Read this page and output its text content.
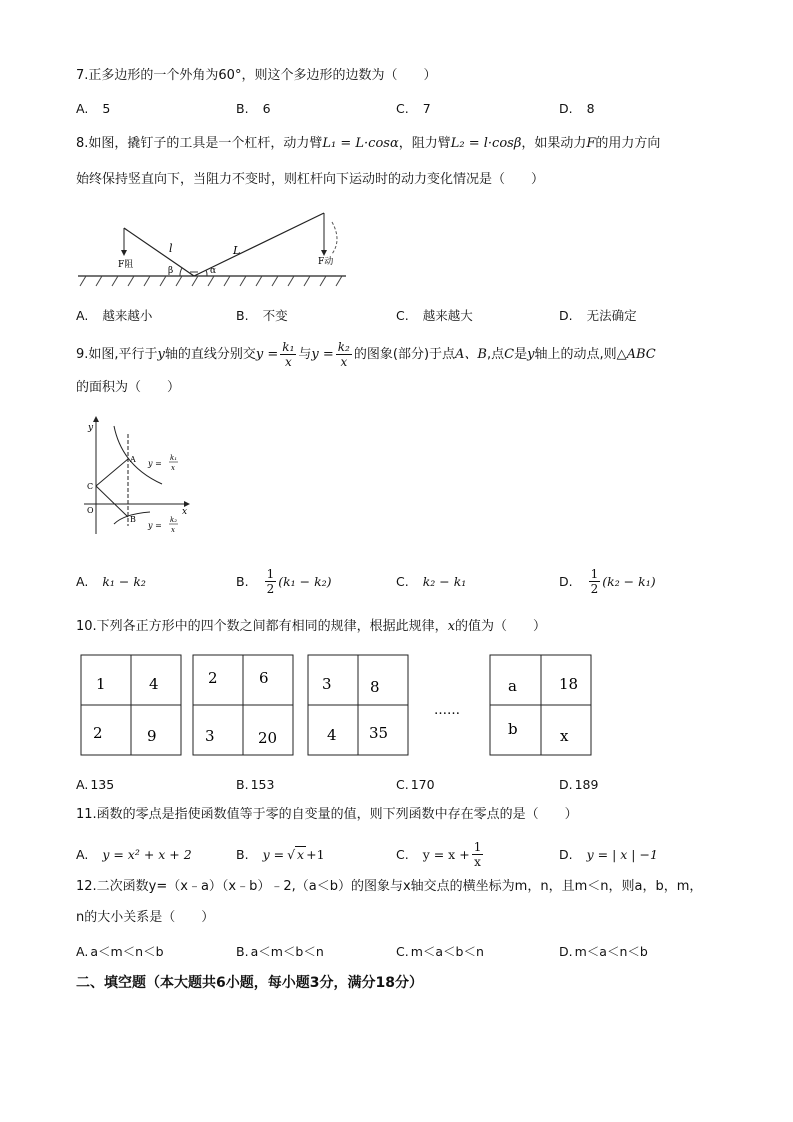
7.正多边形的一个外角为60°，则这个多边形的边数为（　　）
A. 5	B. 6	C. 7	D. 8
8.如图，撬钉子的工具是一个杠杆，动力臂L₁ = L·cosα，阻力臂L₂ = l·cosβ，如果动力F的用力方向
始终保持竖直向下，当阻力不变时，则杠杆向下运动时的动力变化情况是（　　）
l	L
β	α
F阻	F动
A. 越来越小	B. 不变	C. 越来越大	D. 无法确定
9.如图,平行于 y 轴的直线分别交 $y = \frac{\text{k₁}}{x}$ 与 $y = \frac{\text{k₂}}{x}$ 的图象(部分)于点 A、B ,点 C 是 y 轴上的动点,则 △ABC
的面积为（　　）
y
x
O
A
B
C
y =
k₁
x
y =
k₂
x
A. k₁ − k₂	B. $\frac{1}{2} (k_1 - k_2)$	C. k₂ − k₁	D. $\frac{1}{2} (k_2 - k_1)$
10.下列各正方形中的四个数之间都有相同的规律，根据此规律，x的值为（　　）
1	4
2	9
2	6
3	20
3	8
4 35
a	18
b	x
……
A. 135	B. 153	C. 170	D. 189
11.函数的零点是指使函数值等于零的自变量的值，则下列函数中存在零点的是（　　）
A. y = x² + x + 2	B. y = √ x +1	C. $y = x + \frac{1}{x}$	D. y = | x | −1
12.二次函数y=（x﹣a）（x﹣b）﹣2,（a＜b）的图象与x轴交点的横坐标为m，n，且m＜n，则a，b，m，
n的大小关系是（　　）
A. a＜m＜n＜b	B. a＜m＜b＜n	C. m＜a＜b＜n	D. m＜a＜n＜b
二、填空题（本大题共6小题，每小题3分，满分18分）
